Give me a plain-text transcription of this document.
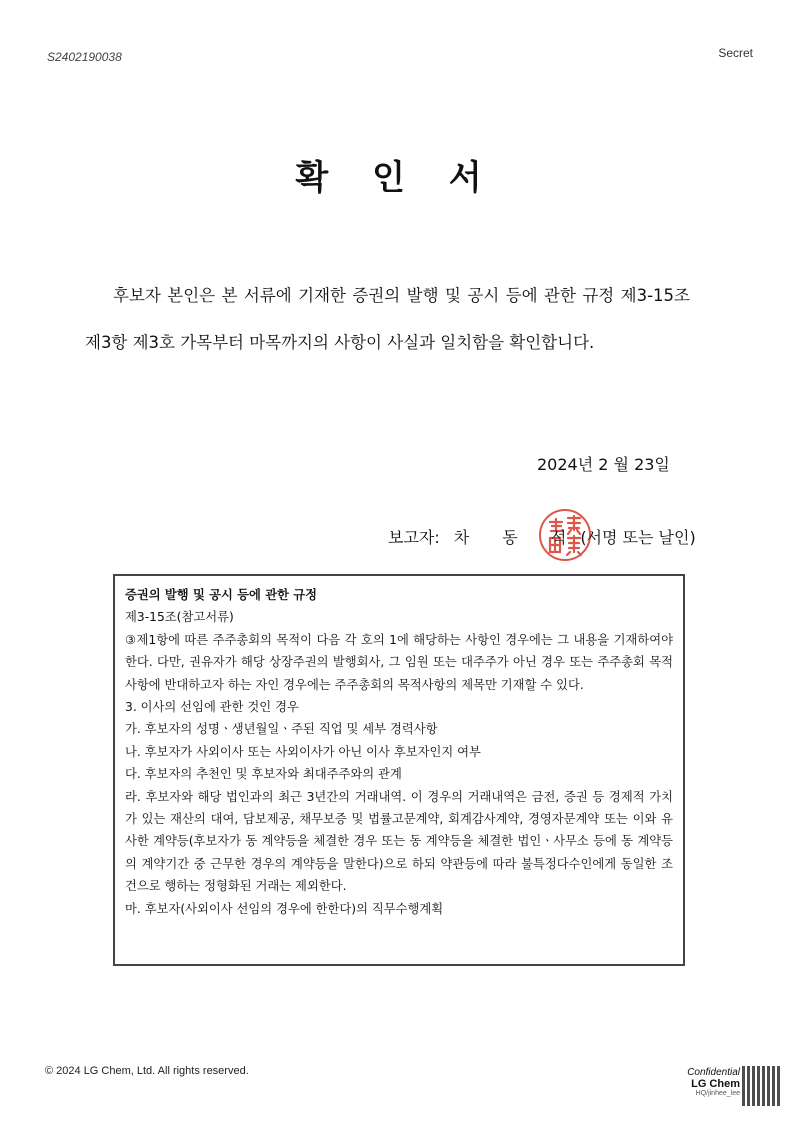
S2402190038	Secret
확 인 서
후보자 본인은 본 서류에 기재한 증권의 발행 및 공시 등에 관한 규정 제3-15조 제3항 제3호 가목부터 마목까지의 사항이 사실과 일치함을 확인합니다.
2024년 2 월 23일
보고자: 차 동 석(서명 또는 날인)
증권의 발행 및 공시 등에 관한 규정
제3-15조(참고서류)
③제1항에 따른 주주총회의 목적이 다음 각 호의 1에 해당하는 사항인 경우에는 그 내용을 기재하여야 한다. 다만, 권유자가 해당 상장주권의 발행회사, 그 임원 또는 대주주가 아닌 경우 또는 주주총회 목적사항에 반대하고자 하는 자인 경우에는 주주총회의 목적사항의 제목만 기재할 수 있다.
3. 이사의 선임에 관한 것인 경우
가. 후보자의 성명ㆍ생년월일ㆍ주된 직업 및 세부 경력사항
나. 후보자가 사외이사 또는 사외이사가 아닌 이사 후보자인지 여부
다. 후보자의 추천인 및 후보자와 최대주주와의 관계
라. 후보자와 해당 법인과의 최근 3년간의 거래내역. 이 경우의 거래내역은 금전, 증권 등 경제적 가치가 있는 재산의 대여, 담보제공, 채무보증 및 법률고문계약, 회계감사계약, 경영자문계약 또는 이와 유사한 계약등(후보자가 동 계약등을 체결한 경우 또는 동 계약등을 체결한 법인ㆍ사무소 등에 동 계약등의 계약기간 중 근무한 경우의 계약등을 말한다)으로 하되 약관등에 따라 불특정다수인에게 동일한 조건으로 행하는 정형화된 거래는 제외한다.
마. 후보자(사외이사 선임의 경우에 한한다)의 직무수행계획
© 2024 LG Chem, Ltd. All rights reserved.	Confidential
LG Chem
HQ/jinhee_lee
